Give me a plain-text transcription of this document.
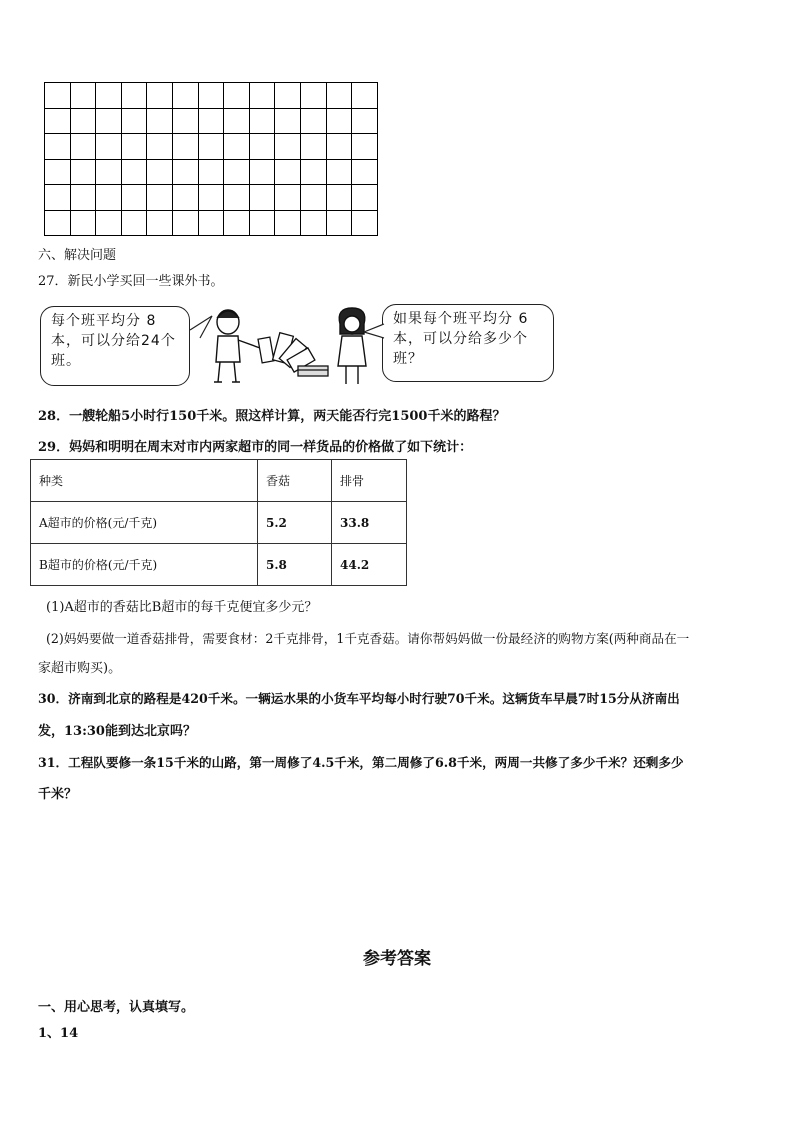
六、解决问题
27．新民小学买回一些课外书。
每个班平均分 8
本，可以分给24个
班。
如果每个班平均分 6
本，可以分给多少个
班？
28．一艘轮船5小时行150千米。照这样计算，两天能否行完1500千米的路程？
29．妈妈和明明在周末对市内两家超市的同一样货品的价格做了如下统计：
种类	香菇	排骨
A超市的价格(元/千克)	5.2	33.8
B超市的价格(元/千克)	5.8	44.2
(1)A超市的香菇比B超市的每千克便宜多少元？
(2)妈妈要做一道香菇排骨，需要食材：2千克排骨，1千克香菇。请你帮妈妈做一份最经济的购物方案(两种商品在一
家超市购买)。
30．济南到北京的路程是420千米。一辆运水果的小货车平均每小时行驶70千米。这辆货车早晨7时15分从济南出
发，13:30能到达北京吗？
31．工程队要修一条15千米的山路，第一周修了4.5千米，第二周修了6.8千米，两周一共修了多少千米？还剩多少
千米？
参考答案
一、用心思考，认真填写。
1、14
